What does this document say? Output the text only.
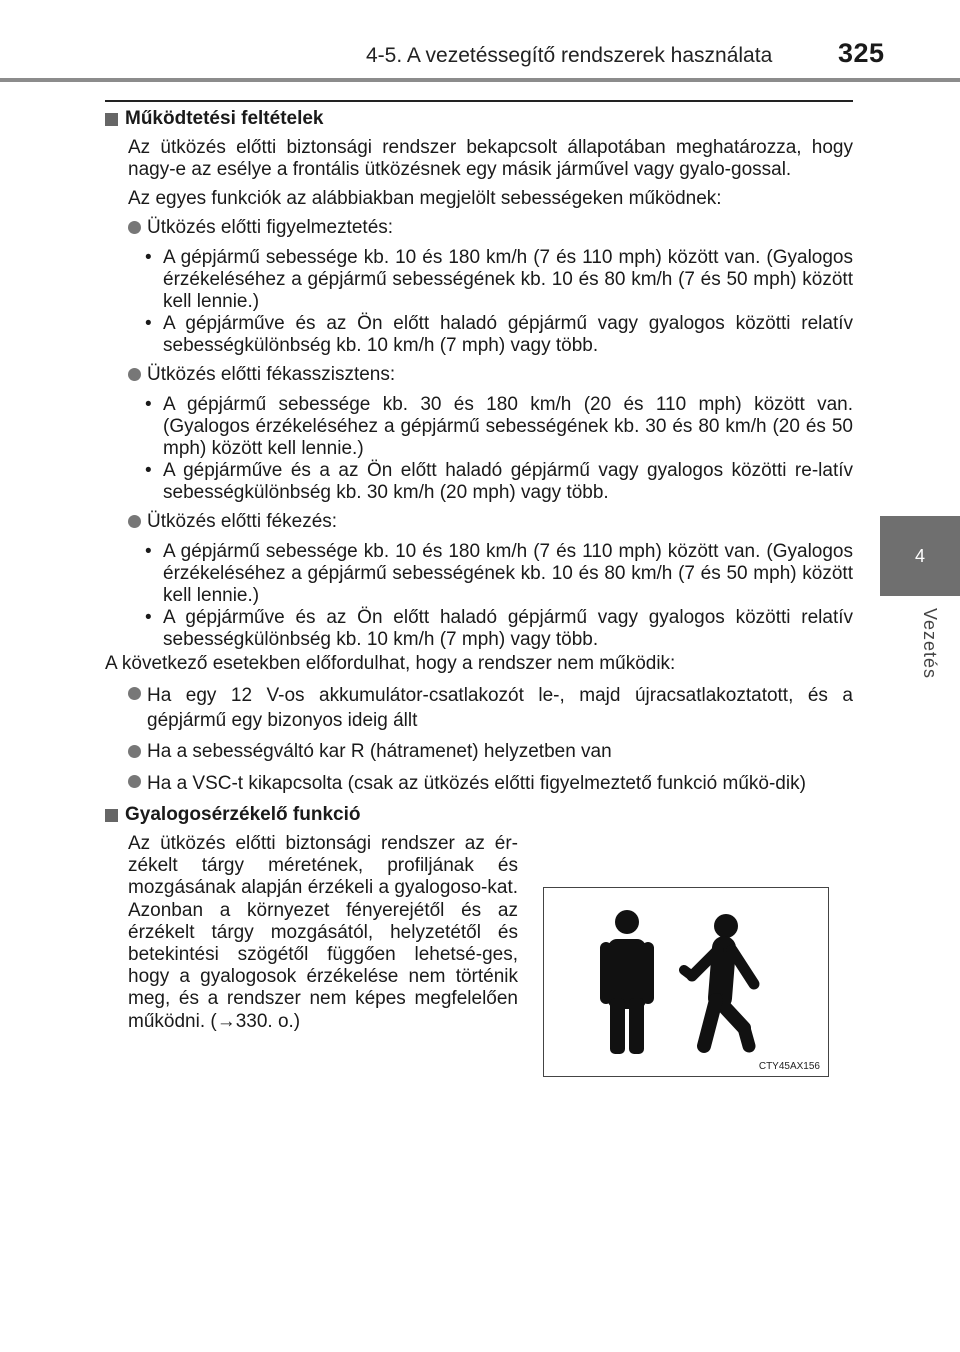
4-5. A vezetéssegítő rendszerek használata 325
4
Vezetés
Működtetési feltételek
Az ütközés előtti biztonsági rendszer bekapcsolt állapotában meghatározza, hogy nagy-e az esélye a frontális ütközésnek egy másik járművel vagy gyalo-gossal.
Az egyes funkciók az alábbiakban megjelölt sebességeken működnek:
Ütközés előtti figyelmeztetés:
• A gépjármű sebessége kb. 10 és 180 km/h (7 és 110 mph) között van. (Gyalogos érzékeléséhez a gépjármű sebességének kb. 10 és 80 km/h (7 és 50 mph) között kell lennie.)
• A gépjárműve és az Ön előtt haladó gépjármű vagy gyalogos közötti relatív sebességkülönbség kb. 10 km/h (7 mph) vagy több.
Ütközés előtti fékasszisztens:
• A gépjármű sebessége kb. 30 és 180 km/h (20 és 110 mph) között van. (Gyalogos érzékeléséhez a gépjármű sebességének kb. 30 és 80 km/h (20 és 50 mph) között kell lennie.)
• A gépjárműve és a az Ön előtt haladó gépjármű vagy gyalogos közötti re-latív sebességkülönbség kb. 30 km/h (20 mph) vagy több.
Ütközés előtti fékezés:
• A gépjármű sebessége kb. 10 és 180 km/h (7 és 110 mph) között van. (Gyalogos érzékeléséhez a gépjármű sebességének kb. 10 és 80 km/h (7 és 50 mph) között kell lennie.)
• A gépjárműve és az Ön előtt haladó gépjármű vagy gyalogos közötti relatív sebességkülönbség kb. 10 km/h (7 mph) vagy több.
A következő esetekben előfordulhat, hogy a rendszer nem működik:
Ha egy 12 V-os akkumulátor-csatlakozót le-, majd újracsatlakoztatott, és a gépjármű egy bizonyos ideig állt
Ha a sebességváltó kar R (hátramenet) helyzetben van
Ha a VSC-t kikapcsolta (csak az ütközés előtti figyelmeztető funkció műkö-dik)
Gyalogosérzékelő funkció
Az ütközés előtti biztonsági rendszer az ér-zékelt tárgy méretének, profiljának és mozgásának alapján érzékeli a gyalogoso-kat. Azonban a környezet fényerejétől és az érzékelt tárgy mozgásától, helyzetétől és betekintési szögétől függően lehetsé-ges, hogy a gyalogosok érzékelése nem történik meg, és a rendszer nem képes megfelelően működni. (→330. o.)
CTY45AX156
